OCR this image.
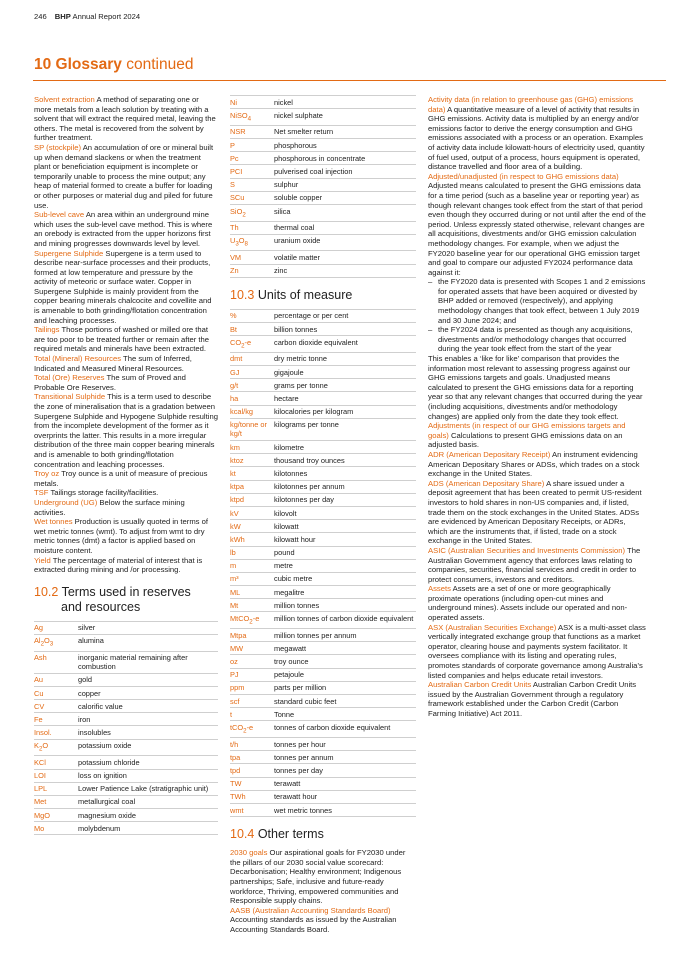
246 BHP Annual Report 2024
10 Glossary continued

Solvent extraction A method of separating one or more metals from a leach solution by treating with a solvent that will extract the required metal, leaving the others. The metal is recovered from the solvent by further treatment.

SP (stockpile) An accumulation of ore or mineral built up when demand slackens or when the treatment plant or beneficiation equipment is incomplete or temporarily unable to process the mine output; any heap of material formed to create a buffer for loading or other purposes or material dug and piled for future use.

Sub-level cave An area within an underground mine which uses the sub-level cave method. This is where an orebody is extracted from the upper horizons first and mining progresses downwards level by level.

Supergene Sulphide Supergene is a term used to describe near-surface processes and their products, formed at low temperature and pressure by the activity of meteoric or surface water. Copper in Supergene Sulphide is mainly provident from the copper bearing minerals chalcocite and covellite and is amenable to both grinding/flotation concentration and leaching processes.

Tailings Those portions of washed or milled ore that are too poor to be treated further or remain after the required metals and minerals have been extracted.

Total (Mineral) Resources The sum of Inferred, Indicated and Measured Mineral Resources.

Total (Ore) Reserves The sum of Proved and Probable Ore Reserves.

Transitional Sulphide This is a term used to describe the zone of mineralisation that is a gradation between Supergene Sulphide and Hypogene Sulphide resulting from the incomplete development of the former as it overprints the latter. This results in a more irregular distribution of the three main copper bearing minerals and is amenable to both grinding/flotation concentration and leaching processes.

Troy oz Troy ounce is a unit of measure of precious metals.

TSF Tailings storage facility/facilities.

Underground (UG) Below the surface mining activities.

Wet tonnes Production is usually quoted in terms of wet metric tonnes (wmt). To adjust from wmt to dry metric tonnes (dmt) a factor is applied based on moisture content.

Yield The percentage of material of interest that is extracted during mining and /or processing.

10.2 Terms used in reserves
and resources
Ag	silver
$Al_2O_3$	alumina
Ash	inorganic material remaining after combustion
Au	gold
Cu	copper
CV	calorific value
Fe	iron
Insol.	insolubles
$K_2O$	potassium oxide
KCl	potassium chloride
LOI	loss on ignition
LPL	Lower Patience Lake (stratigraphic unit)
Met	metallurgical coal
MgO	magnesium oxide
Mo	molybdenum
Ni	nickel
NiSO$_4$	nickel sulphate
NSR	Net smelter return
P	phosphorous
Pc	phosphorous in concentrate
PCI	pulverised coal injection
S	sulphur
SCu	soluble copper
SiO$_2$	silica
Th	thermal coal
$U_3O_8$	uranium oxide
VM	volatile matter
Zn	zinc
10.3 Units of measure
%	percentage or per cent
Bt	billion tonnes
$CO_2-e$	carbon dioxide equivalent
dmt	dry metric tonne
GJ	gigajoule
g/t	grams per tonne
ha	hectare
kcal/kg	kilocalories per kilogram
kg/tonne or kg/t	kilograms per tonne
km	kilometre
ktoz	thousand troy ounces
kt	kilotonnes
ktpa	kilotonnes per annum
ktpd	kilotonnes per day
kV	kilovolt
kW	kilowatt
kWh	kilowatt hour
lb	pound
m	metre
m³	cubic metre
ML	megalitre
Mt	million tonnes
MtCO$_2$-e	million tonnes of carbon dioxide equivalent
Mtpa	million tonnes per annum
MW	megawatt
oz	troy ounce
PJ	petajoule
ppm	parts per million
scf	standard cubic feet
t	Tonne
tCO$_2$-e	tonnes of carbon dioxide equivalent
t/h	tonnes per hour
tpa	tonnes per annum
tpd	tonnes per day
TW	terawatt
TWh	terawatt hour
wmt	wet metric tonnes
10.4 Other terms

2030 goals Our aspirational goals for FY2030 under the pillars of our 2030 social value scorecard: Decarbonisation; Healthy environment; Indigenous partnerships; Safe, inclusive and future-ready workforce, Thriving, empowered communities and Responsible supply chains.

AASB (Australian Accounting Standards Board) Accounting standards as issued by the Australian Accounting Standards Board.

Activity data (in relation to greenhouse gas (GHG) emissions data) A quantitative measure of a level of activity that results in GHG emissions. Activity data is multiplied by an energy and/or emissions factor to derive the energy consumption and GHG emissions associated with a process or an operation. Examples of activity data include kilowatt-hours of electricity used, quantity of fuel used, output of a process, hours equipment is operated, distance travelled and floor area of a building.

Adjusted/unadjusted (in respect to GHG emissions data) Adjusted means calculated to present the GHG emissions data for a time period (such as a baseline year or reporting year) as though relevant changes took effect from the start of that period even though they occurred during or not until after the end of the period. Unless expressly stated otherwise, relevant changes are all acquisitions, divestments and/or GHG emission calculation methodology changes. For example, when we adjust the FY2020 baseline year for our operational GHG emission target and goal to compare our adjusted FY2024 performance data against it:

– the FY2020 data is presented with Scopes 1 and 2 emissions for operated assets that have been acquired or divested by BHP added or removed (respectively), and applying methodology changes that took effect, between 1 July 2019 and 30 June 2024; and
– the FY2024 data is presented as though any acquisitions, divestments and/or methodology changes that occurred during the year took effect from the start of the year

This enables a ‘like for like’ comparison that provides the information most relevant to assessing progress against our GHG emissions targets and goals. Unadjusted means calculated to present the GHG emissions data for a reporting year so that any relevant changes that occurred during the year (including acquisitions, divestments and/or methodology changes) are applied only from the date they took effect.

Adjustments (in respect of our GHG emissions targets and goals) Calculations to present GHG emissions data on an adjusted basis.

ADR (American Depositary Receipt) An instrument evidencing American Depositary Shares or ADSs, which trades on a stock exchange in the United States.

ADS (American Depositary Share) A share issued under a deposit agreement that has been created to permit US-resident investors to hold shares in non-US companies and, if listed, trade them on the stock exchanges in the United States. ADSs are evidenced by American Depositary Receipts, or ADRs, which are the instruments that, if listed, trade on a stock exchange in the United States.

ASIC (Australian Securities and Investments Commission) The Australian Government agency that enforces laws relating to companies, securities, financial services and credit in order to protect consumers, investors and creditors.

Assets Assets are a set of one or more geographically proximate operations (including open-cut mines and underground mines). Assets include our operated and non-operated assets.

ASX (Australian Securities Exchange) ASX is a multi-asset class vertically integrated exchange group that functions as a market operator, clearing house and payments system facilitator. It oversees compliance with its listing and operating rules, promotes standards of corporate governance among Australia’s listed companies and helps educate retail investors.

Australian Carbon Credit Units Australian Carbon Credit Units issued by the Australian Government through a regulatory framework established under the Carbon Credit (Carbon Farming Initiative) Act 2011.
